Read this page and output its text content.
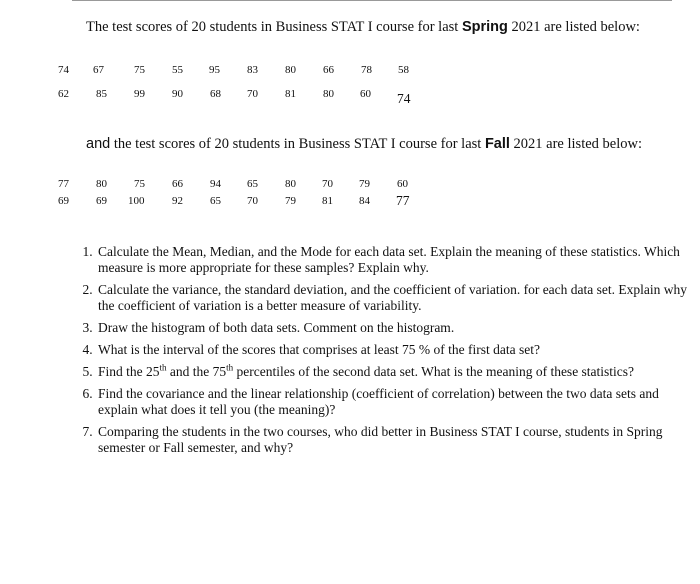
The test scores of 20 students in Business STAT I course for last Spring 2021 are listed below:
74 67	75 55 95 83 80 66 78 58
62 85 99 90 68 70 81 80 60 74
and the test scores of 20 students in Business STAT I course for last Fall 2021 are listed below:
77 80 75 66 94 65 80 70 79 60
69 69 100	92 65 70 79 81 84 77
1. Calculate the Mean, Median, and the Mode for each data set. Explain the meaning of these statistics. Which measure is more appropriate for these samples? Explain why.
2. Calculate the variance, the standard deviation, and the coefficient of variation. for each data set. Explain why the coefficient of variation is a better measure of variability.
3. Draw the histogram of both data sets. Comment on the histogram.
4. What is the interval of the scores that comprises at least 75 % of the first data set?
5. Find the 25th and the 75th percentiles of the second data set. What is the meaning of these statistics?
6. Find the covariance and the linear relationship (coefficient of correlation) between the two data sets and explain what does it tell you (the meaning)?
7. Comparing the students in the two courses, who did better in Business STAT I course, students in Spring semester or Fall semester, and why?
